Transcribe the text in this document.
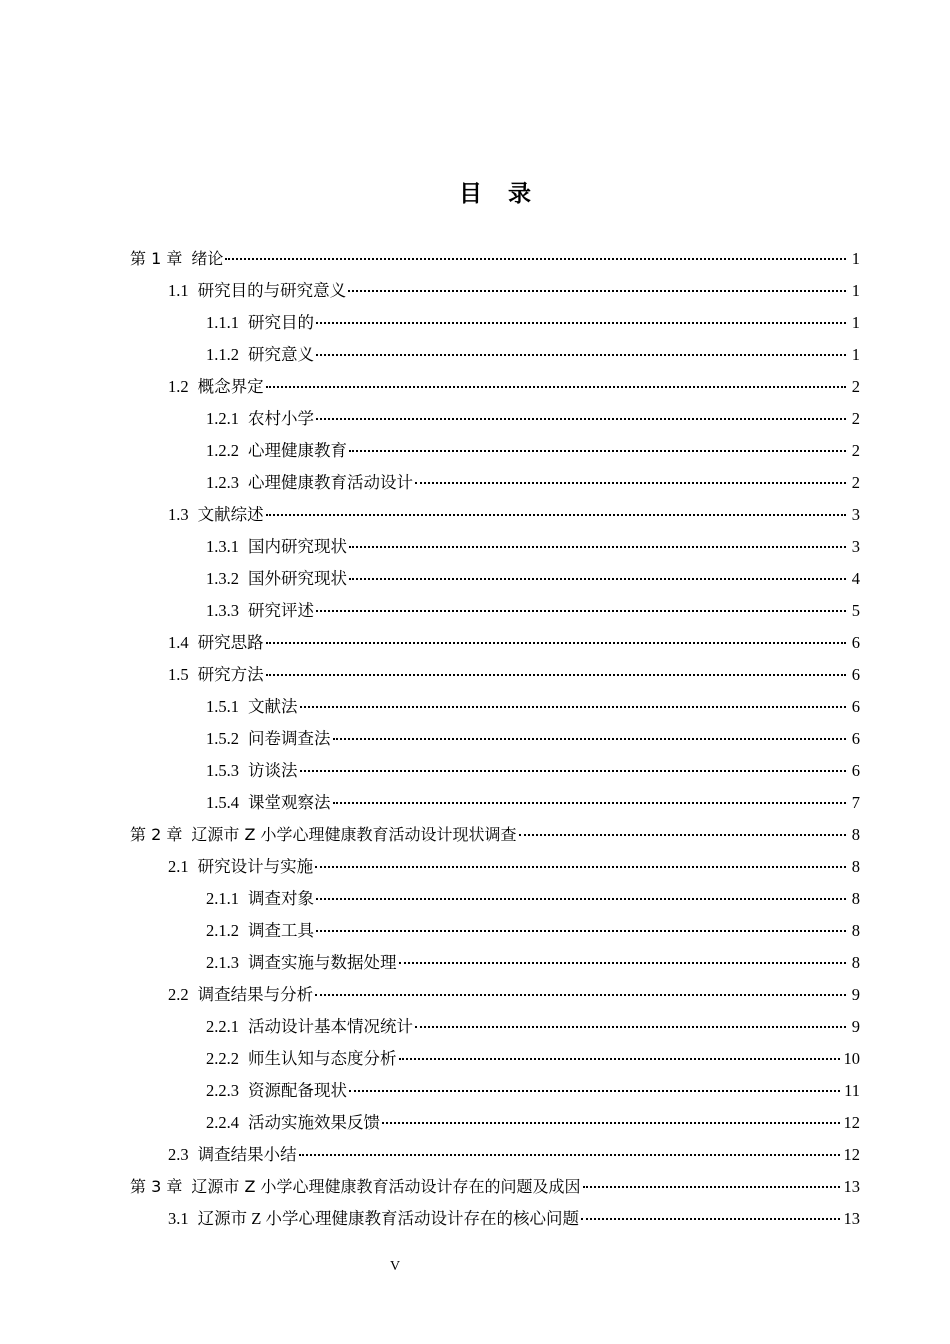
目录
第 1 章 绪论	1
1.1 研究目的与研究意义	1
1.1.1 研究目的	1
1.1.2 研究意义	1
1.2 概念界定	2
1.2.1 农村小学	2
1.2.2 心理健康教育	2
1.2.3 心理健康教育活动设计	2
1.3 文献综述	3
1.3.1 国内研究现状	3
1.3.2 国外研究现状	4
1.3.3 研究评述	5
1.4 研究思路	6
1.5 研究方法	6
1.5.1 文献法	6
1.5.2 问卷调查法	6
1.5.3 访谈法	6
1.5.4 课堂观察法	7
第 2 章 辽源市 Z 小学心理健康教育活动设计现状调查	8
2.1 研究设计与实施	8
2.1.1 调查对象	8
2.1.2 调查工具	8
2.1.3 调查实施与数据处理	8
2.2 调查结果与分析	9
2.2.1 活动设计基本情况统计	9
2.2.2 师生认知与态度分析	10
2.2.3 资源配备现状	11
2.2.4 活动实施效果反馈	12
2.3 调查结果小结	12
第 3 章 辽源市 Z 小学心理健康教育活动设计存在的问题及成因	13
3.1 辽源市 Z 小学心理健康教育活动设计存在的核心问题	13
V
